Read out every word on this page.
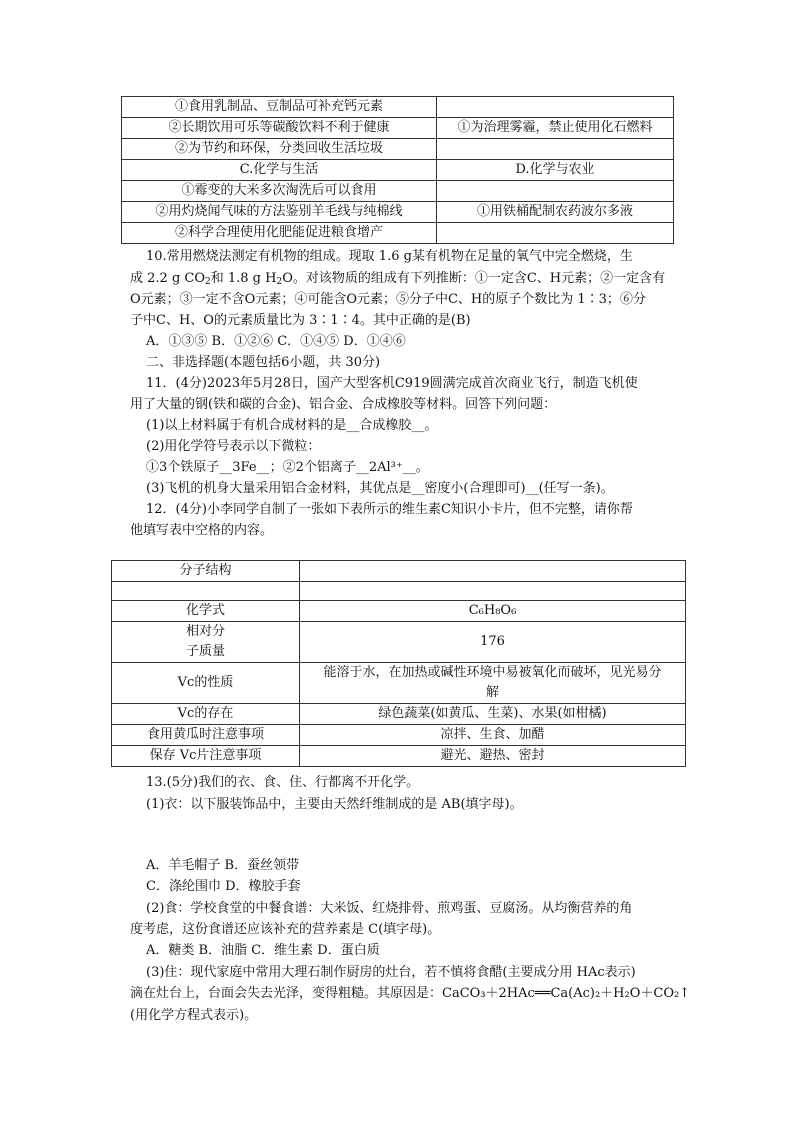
①食用乳制品、豆制品可补充钙元素	
②长期饮用可乐等碳酸饮料不利于健康	①为治理雾霾，禁止使用化石燃料
②为节约和环保，分类回收生活垃圾	
C.化学与生活	D.化学与农业
①霉变的大米多次淘洗后可以食用	
②用灼烧闻气味的方法鉴别羊毛线与纯棉线	①用铁桶配制农药波尔多液
②科学合理使用化肥能促进粮食增产	
10.常用燃烧法测定有机物的组成。现取 1.6 g某有机物在足量的氧气中完全燃烧，生
成 2.2 g $CO_2$和 1.8 g $H_2O$。对该物质的组成有下列推断：①一定含C、H元素；②一定含有
O元素；③一定不含O元素；④可能含O元素；⑤分子中C、H的原子个数比为 1∶3；⑥分
子中C、H、O的元素质量比为 3∶1∶4。其中正确的是(B)
A．①③⑤ B．①②⑥ C．①④⑤ D．①④⑥
二、非选择题(本题包括6小题，共 30分)
11．(4分)2023年5月28日，国产大型客机C919圆满完成首次商业飞行，制造飞机使
用了大量的钢(铁和碳的合金)、铝合金、合成橡胶等材料。回答下列问题：
(1)以上材料属于有机合成材料的是__合成橡胶__。
(2)用化学符号表示以下微粒：
①3个铁原子__3Fe__；②2个铝离子__2Al³⁺__。
(3)飞机的机身大量采用铝合金材料，其优点是__密度小(合理即可)__(任写一条)。
12．(4分)小李同学自制了一张如下表所示的维生素C知识小卡片，但不完整，请你帮
他填写表中空格的内容。
分子结构	

化学式	C₆H₈O₆

相对分
子质量	176
Vc的性质	能溶于水，在加热或碱性环境中易被氧化而破坏，见光易分
解

Vc的存在	绿色蔬菜(如黄瓜、生菜)、水果(如柑橘)
食用黄瓜时注意事项	凉拌、生食、加醋
保存 Vc片注意事项	避光、避热、密封
13.(5分)我们的衣、食、住、行都离不开化学。
(1)衣：以下服装饰品中，主要由天然纤维制成的是 AB(填字母)。
A．羊毛帽子 B．蚕丝领带
C．涤纶围巾 D．橡胶手套
(2)食：学校食堂的中餐食谱：大米饭、红烧排骨、煎鸡蛋、豆腐汤。从均衡营养的角
度考虑，这份食谱还应该补充的营养素是 C(填字母)。
A．糖类 B．油脂 C．维生素 D．蛋白质
(3)住：现代家庭中常用大理石制作厨房的灶台，若不慎将食醋(主要成分用 HAc表示)
滴在灶台上，台面会失去光泽，变得粗糙。其原因是：CaCO₃＋2HAc══Ca(Ac)₂＋H₂O＋CO₂↑
(用化学方程式表示)。
